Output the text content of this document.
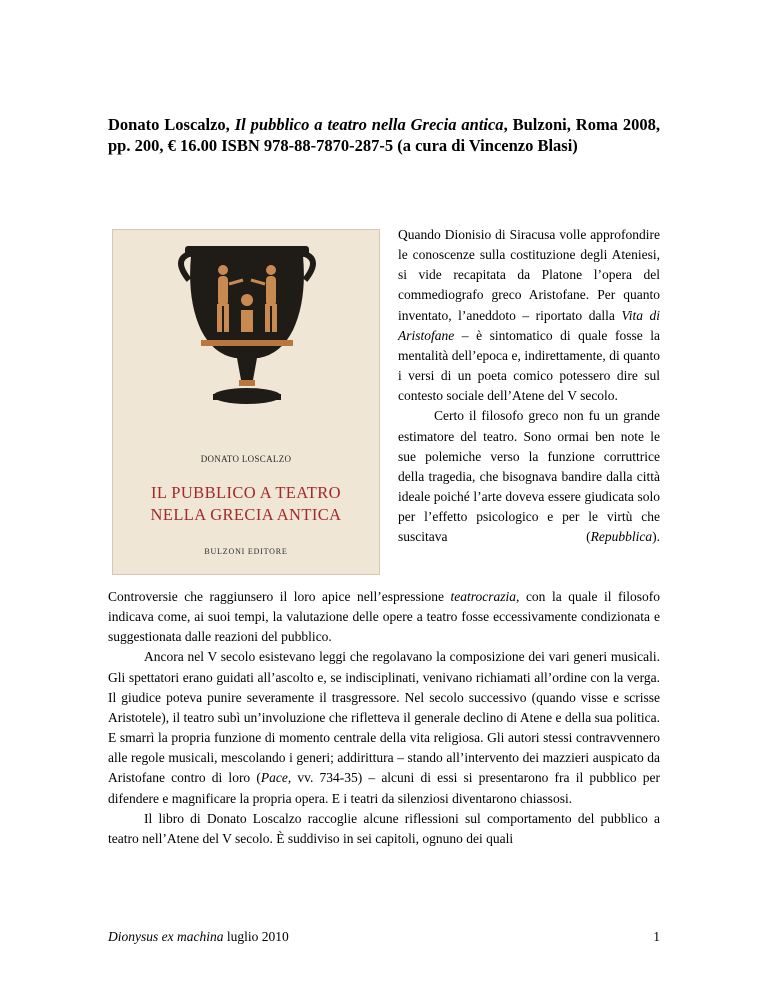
Donato Loscalzo, Il pubblico a teatro nella Grecia antica, Bulzoni, Roma 2008, pp. 200, € 16.00 ISBN 978-88-7870-287-5 (a cura di Vincenzo Blasi)
DONATO LOSCALZO
IL PUBBLICO A TEATRO
NELLA GRECIA ANTICA
BULZONI EDITORE

Quando Dionisio di Siracusa volle approfondire le conoscenze sulla costituzione degli Ateniesi, si vide recapitata da Platone l’opera del commediografo greco Aristofane. Per quanto inventato, l’aneddoto – riportato dalla Vita di Aristofane – è sintomatico di quale fosse la mentalità dell’epoca e, indirettamente, di quanto i versi di un poeta comico potessero dire sul contesto sociale dell’Atene del V secolo.

Certo il filosofo greco non fu un grande estimatore del teatro. Sono ormai ben note le sue polemiche verso la funzione corruttrice della tragedia, che bisognava bandire dalla città ideale poiché l’arte doveva essere giudicata solo per l’effetto psicologico e per le virtù che suscitava (Repubblica).

Controversie che raggiunsero il loro apice nell’espressione teatrocrazia, con la quale il filosofo indicava come, ai suoi tempi, la valutazione delle opere a teatro fosse eccessivamente condizionata e suggestionata dalle reazioni del pubblico.

Ancora nel V secolo esistevano leggi che regolavano la composizione dei vari generi musicali. Gli spettatori erano guidati all’ascolto e, se indisciplinati, venivano richiamati all’ordine con la verga. Il giudice poteva punire severamente il trasgressore. Nel secolo successivo (quando visse e scrisse Aristotele), il teatro subì un’involuzione che rifletteva il generale declino di Atene e della sua politica. E smarrì la propria funzione di momento centrale della vita religiosa. Gli autori stessi contravvennero alle regole musicali, mescolando i generi; addirittura – stando all’intervento dei mazzieri auspicato da Aristofane contro di loro (Pace, vv. 734-35) – alcuni di essi si presentarono fra il pubblico per difendere e magnificare la propria opera. E i teatri da silenziosi diventarono chiassosi.

Il libro di Donato Loscalzo raccoglie alcune riflessioni sul comportamento del pubblico a teatro nell’Atene del V secolo. È suddiviso in sei capitoli, ognuno dei quali

Dionysus ex machina luglio 2010	1
